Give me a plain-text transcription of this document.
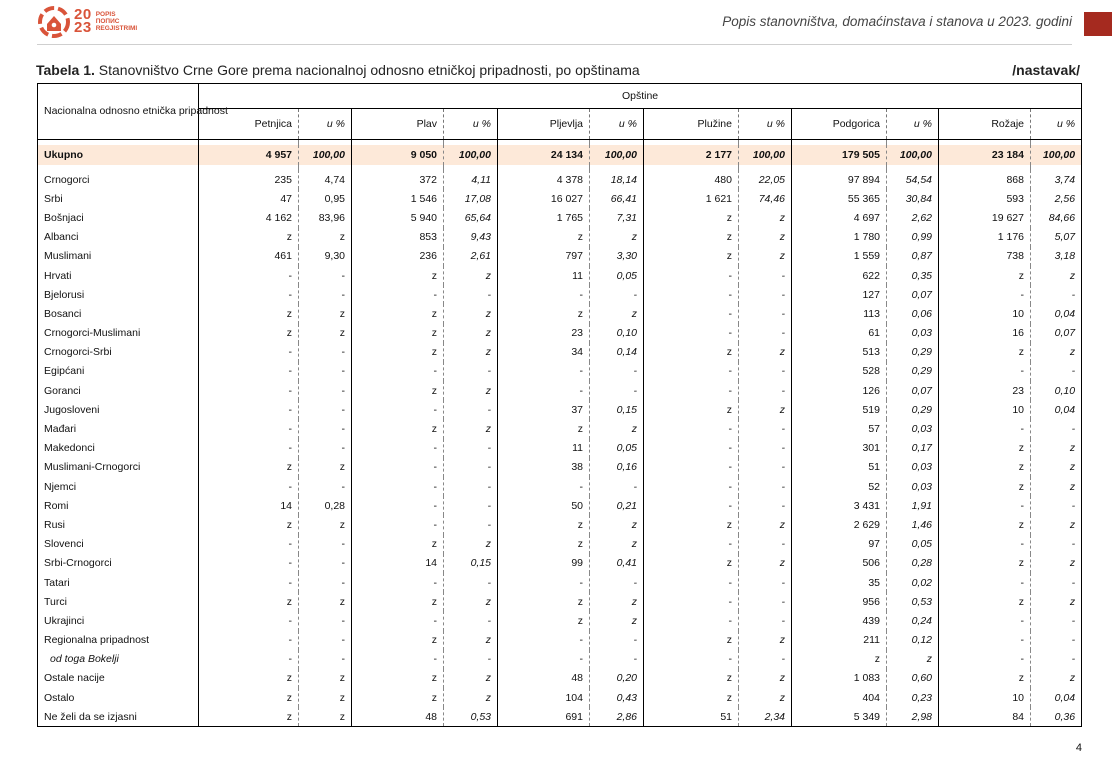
20
23
POPIS
ПОПИС
REGJISTRIMI	Popis stanovništva, domaćinstava i stanova u 2023. godini
Tabela 1. Stanovništvo Crne Gore prema nacionalnoj odnosno etničkoj pripadnosti, po opštinama	/nastavak/
Nacionalna odnosno etnička pripadnost	Opštine											
	Petnjica	u %	Plav	u %	Pljevlja	u %	Plužine	u %	Podgorica	u %	Rožaje	u %

Ukupno	4 957	100,00	9 050	100,00	24 134	100,00	2 177	100,00	179 505	100,00	23 184	100,00

Crnogorci	235	4,74	372	4,11	4 378	18,14	480	22,05	97 894	54,54	868	3,74
Srbi	47	0,95	1 546	17,08	16 027	66,41	1 621	74,46	55 365	30,84	593	2,56
Bošnjaci	4 162	83,96	5 940	65,64	1 765	7,31	z	z	4 697	2,62	19 627	84,66
Albanci	z	z	853	9,43	z	z	z	z	1 780	0,99	1 176	5,07
Muslimani	461	9,30	236	2,61	797	3,30	z	z	1 559	0,87	738	3,18
Hrvati	-	-	z	z	11	0,05	-	-	622	0,35	z	z
Bjelorusi	-	-	-	-	-	-	-	-	127	0,07	-	-
Bosanci	z	z	z	z	z	z	-	-	113	0,06	10	0,04
Crnogorci-Muslimani	z	z	z	z	23	0,10	-	-	61	0,03	16	0,07
Crnogorci-Srbi	-	-	z	z	34	0,14	z	z	513	0,29	z	z
Egipćani	-	-	-	-	-	-	-	-	528	0,29	-	-
Goranci	-	-	z	z	-	-	-	-	126	0,07	23	0,10
Jugosloveni	-	-	-	-	37	0,15	z	z	519	0,29	10	0,04
Mađari	-	-	z	z	z	z	-	-	57	0,03	-	-
Makedonci	-	-	-	-	11	0,05	-	-	301	0,17	z	z
Muslimani-Crnogorci	z	z	-	-	38	0,16	-	-	51	0,03	z	z
Njemci	-	-	-	-	-	-	-	-	52	0,03	z	z
Romi	14	0,28	-	-	50	0,21	-	-	3 431	1,91	-	-
Rusi	z	z	-	-	z	z	z	z	2 629	1,46	z	z
Slovenci	-	-	z	z	z	z	-	-	97	0,05	-	-
Srbi-Crnogorci	-	-	14	0,15	99	0,41	z	z	506	0,28	z	z
Tatari	-	-	-	-	-	-	-	-	35	0,02	-	-
Turci	z	z	z	z	z	z	-	-	956	0,53	z	z
Ukrajinci	-	-	-	-	z	z	-	-	439	0,24	-	-
Regionalna pripadnost	-	-	z	z	-	-	z	z	211	0,12	-	-
od toga Bokelji	-	-	-	-	-	-	-	-	z	z	-	-
Ostale nacije	z	z	z	z	48	0,20	z	z	1 083	0,60	z	z
Ostalo	z	z	z	z	104	0,43	z	z	404	0,23	10	0,04
Ne želi da se izjasni	z	z	48	0,53	691	2,86	51	2,34	5 349	2,98	84	0,36
4
